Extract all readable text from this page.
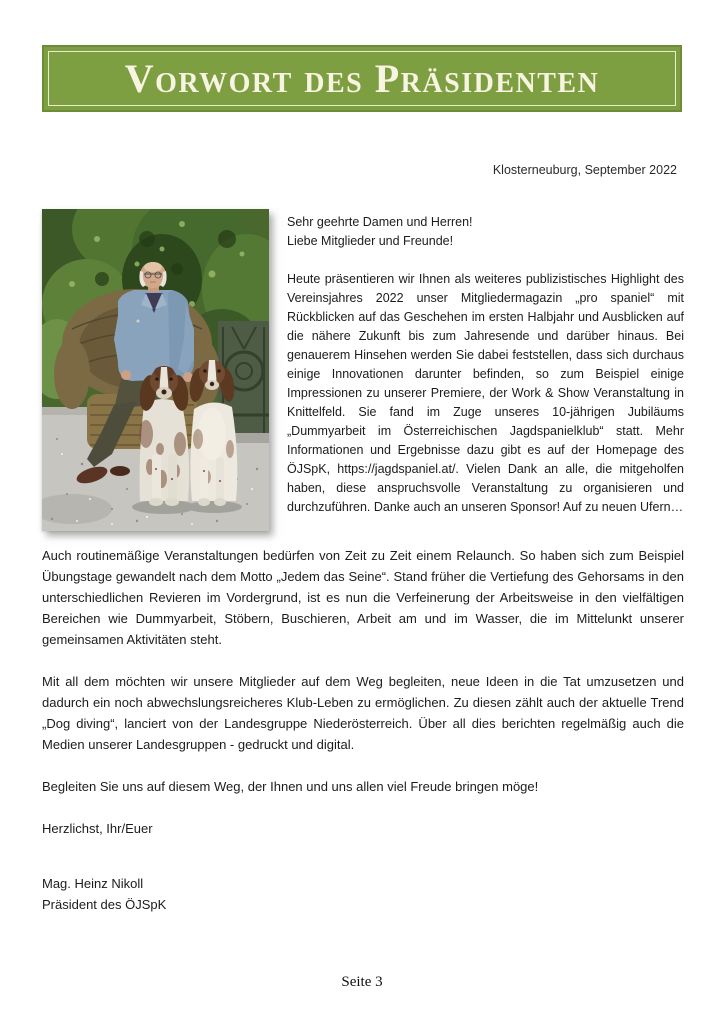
Vorwort des Präsidenten
Klosterneuburg, September 2022

Sehr geehrte Damen und Herren!

Liebe Mitglieder und Freunde!

Heute präsentieren wir Ihnen als weiteres publizistisches Highlight des Vereinsjahres 2022 unser Mitgliedermagazin „pro spaniel“ mit Rückblicken auf das Geschehen im ersten Halbjahr und Ausblicken auf die nähere Zukunft bis zum Jahresende und darüber hinaus. Bei genauerem Hinsehen werden Sie dabei feststellen, dass sich durchaus einige Innovationen darunter befinden, so zum Beispiel einige Impressionen zu unserer Premiere, der Work & Show Veranstaltung in Knittelfeld. Sie fand im Zuge unseres 10-jährigen Jubiläums „Dummyarbeit im Österreichischen Jagdspanielklub“ statt. Mehr Informationen und Ergebnisse dazu gibt es auf der Homepage des ÖJSpK, https://jagdspaniel.at/. Vielen Dank an alle, die mitgeholfen haben, diese anspruchsvolle Veranstaltung zu organisieren und durchzuführen. Danke auch an unseren Sponsor! Auf zu neuen Ufern…

Auch routinemäßige Veranstaltungen bedürfen von Zeit zu Zeit einem Relaunch. So haben sich zum Beispiel Übungstage gewandelt nach dem Motto „Jedem das Seine“. Stand früher die Vertiefung des Gehorsams in den unterschiedlichen Revieren im Vordergrund, ist es nun die Verfeinerung der Arbeitsweise in den vielfältigen Bereichen wie Dummyarbeit, Stöbern, Buschieren, Arbeit am und im Wasser, die im Mittelunkt unserer gemeinsamen Aktivitäten steht.

Mit all dem möchten wir unsere Mitglieder auf dem Weg begleiten, neue Ideen in die Tat umzusetzen und dadurch ein noch abwechslungsreicheres Klub-Leben zu ermöglichen. Zu diesen zählt auch der aktuelle Trend „Dog diving“, lanciert von der Landesgruppe Niederösterreich. Über all dies berichten regelmäßig auch die Medien unserer Landesgruppen - gedruckt und digital.

Begleiten Sie uns auf diesem Weg, der Ihnen und uns allen viel Freude bringen möge!

Herzlichst, Ihr/Euer

Mag. Heinz Nikoll

Präsident des ÖJSpK

Seite 3
